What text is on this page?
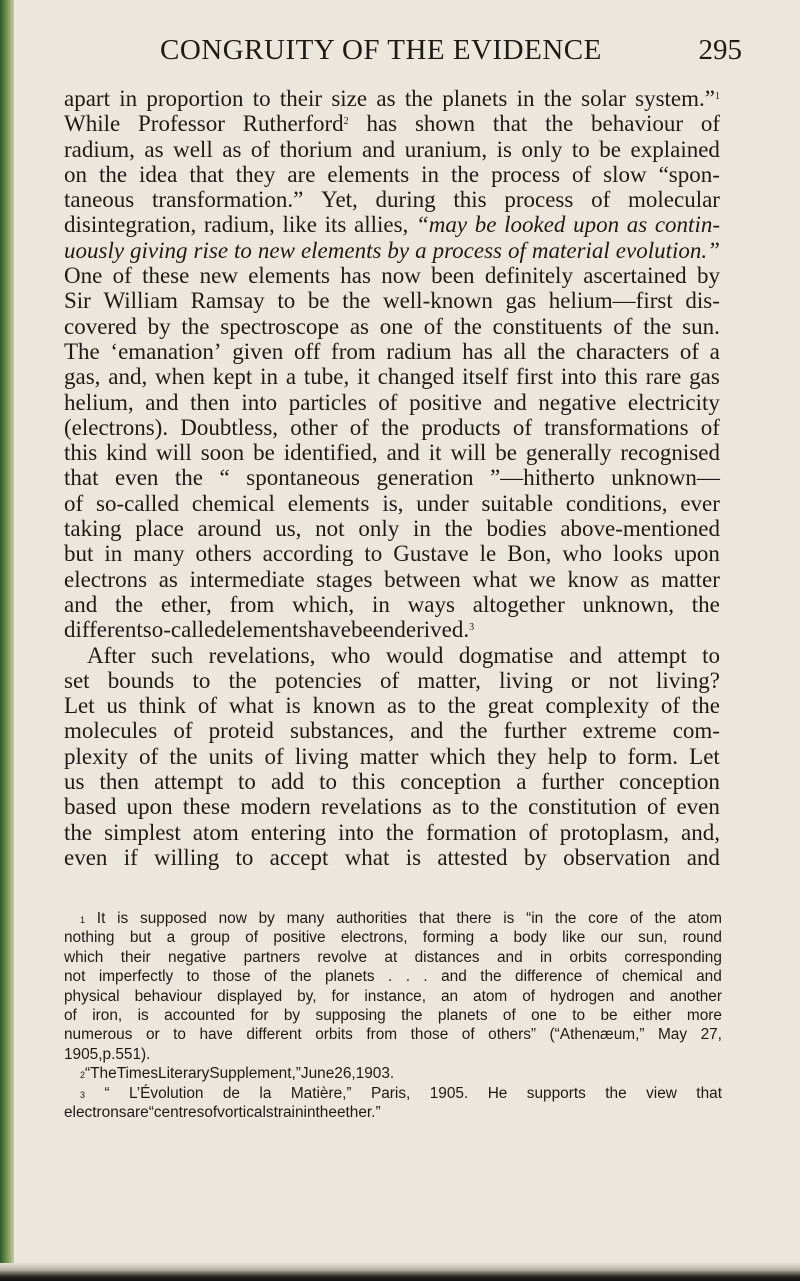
CONGRUITY OF THE EVIDENCE	295
apart in proportion to their size as the planets in the solar system.”$^1$
While Professor Rutherford$^2$ has shown that the behaviour of
radium, as well as of thorium and uranium, is only to be explained
on the idea that they are elements in the process of slow “spon-
taneous transformation.” Yet, during this process of molecular
disintegration, radium, like its allies, “may be looked upon as contin-
uously giving rise to new elements by a process of material evolution.”
One of these new elements has now been definitely ascertained by
Sir William Ramsay to be the well-known gas helium—first dis-
covered by the spectroscope as one of the constituents of the sun.
The ‘emanation’ given off from radium has all the characters of a
gas, and, when kept in a tube, it changed itself first into this rare gas
helium, and then into particles of positive and negative electricity
(electrons). Doubtless, other of the products of transformations of
this kind will soon be identified, and it will be generally recognised
that even the “ spontaneous generation ”—hitherto unknown—
of so-called chemical elements is, under suitable conditions, ever
taking place around us, not only in the bodies above-mentioned
but in many others according to Gustave le Bon, who looks upon
electrons as intermediate stages between what we know as matter
and the ether, from which, in ways altogether unknown, the
different so-called elements have been derived.$^3$
After such revelations, who would dogmatise and attempt to
set bounds to the potencies of matter, living or not living?
Let us think of what is known as to the great complexity of the
molecules of proteid substances, and the further extreme com-
plexity of the units of living matter which they help to form. Let
us then attempt to add to this conception a further conception
based upon these modern revelations as to the constitution of even
the simplest atom entering into the formation of protoplasm, and,
even if willing to accept what is attested by observation and
1 It is supposed now by many authorities that there is “in the core of the atom
nothing but a group of positive electrons, forming a body like our sun, round
which their negative partners revolve at distances and in orbits corresponding
not imperfectly to those of the planets . . . and the difference of chemical and
physical behaviour displayed by, for instance, an atom of hydrogen and another
of iron, is accounted for by supposing the planets of one to be either more
numerous or to have different orbits from those of others” (“Athenæum,” May 27,
1905, p. 551).
2 “ The Times Literary Supplement,” June 26, 1903.
3 “ L’Évolution de la Matière,” Paris, 1905. He supports the view that
electrons are “centres of vortical strain in the ether.”
